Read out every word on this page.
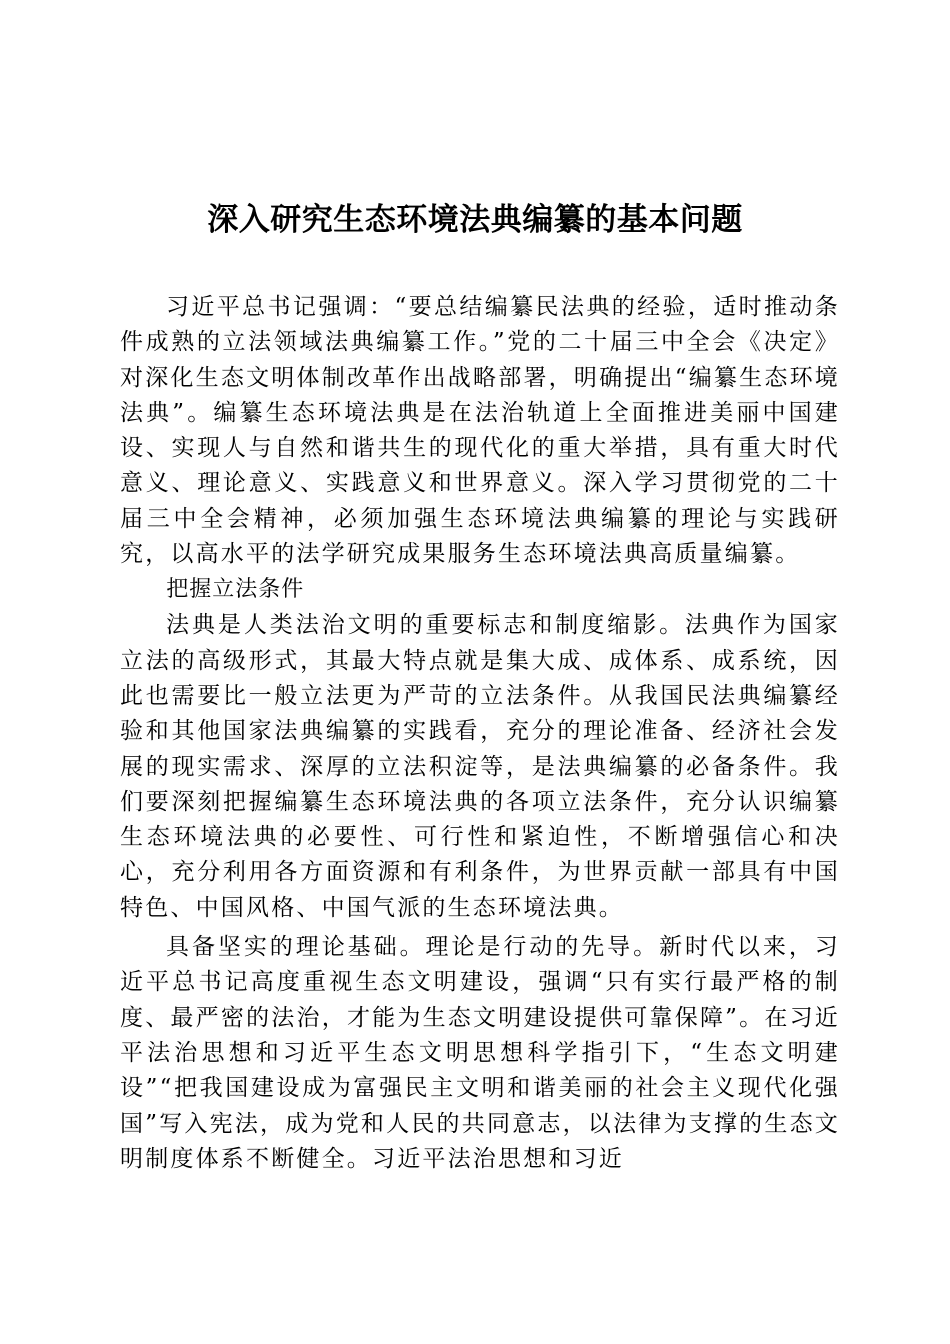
深入研究生态环境法典编纂的基本问题

习近平总书记强调：“要总结编纂民法典的经验，适时推动条件成熟的立法领域法典编纂工作。”党的二十届三中全会《决定》对深化生态文明体制改革作出战略部署，明确提出“编纂生态环境法典”。编纂生态环境法典是在法治轨道上全面推进美丽中国建设、实现人与自然和谐共生的现代化的重大举措，具有重大时代意义、理论意义、实践意义和世界意义。深入学习贯彻党的二十届三中全会精神，必须加强生态环境法典编纂的理论与实践研究，以高水平的法学研究成果服务生态环境法典高质量编纂。

把握立法条件

法典是人类法治文明的重要标志和制度缩影。法典作为国家立法的高级形式，其最大特点就是集大成、成体系、成系统，因此也需要比一般立法更为严苛的立法条件。从我国民法典编纂经验和其他国家法典编纂的实践看，充分的理论准备、经济社会发展的现实需求、深厚的立法积淀等，是法典编纂的必备条件。我们要深刻把握编纂生态环境法典的各项立法条件，充分认识编纂生态环境法典的必要性、可行性和紧迫性，不断增强信心和决心，充分利用各方面资源和有利条件，为世界贡献一部具有中国特色、中国风格、中国气派的生态环境法典。

具备坚实的理论基础。理论是行动的先导。新时代以来，习近平总书记高度重视生态文明建设，强调“只有实行最严格的制度、最严密的法治，才能为生态文明建设提供可靠保障”。在习近平法治思想和习近平生态文明思想科学指引下，“生态文明建设”“把我国建设成为富强民主文明和谐美丽的社会主义现代化强国”写入宪法，成为党和人民的共同意志，以法律为支撑的生态文明制度体系不断健全。习近平法治思想和习近
